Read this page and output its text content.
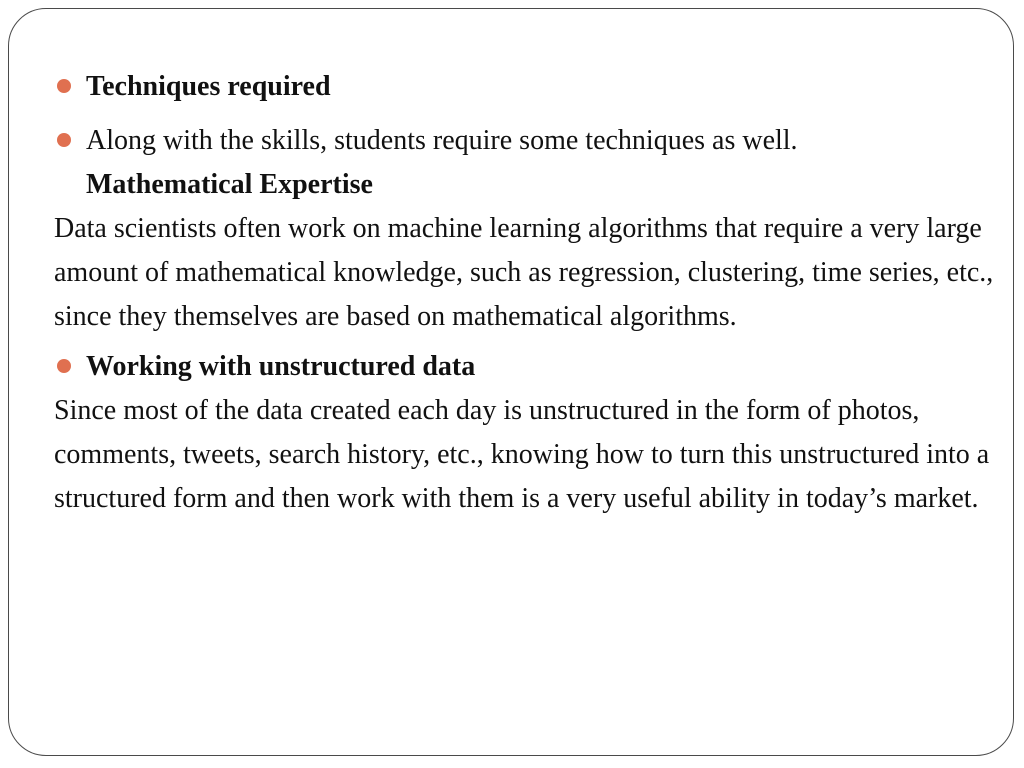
Techniques required
Along with the skills, students require some techniques as well.
Mathematical Expertise

Data scientists often work on machine learning algorithms that require a very large amount of mathematical knowledge, such as regression, clustering, time series, etc., since they themselves are based on mathematical algorithms.

Working with unstructured data

Since most of the data created each day is unstructured in the form of photos, comments, tweets, search history, etc., knowing how to turn this unstructured into a structured form and then work with them is a very useful ability in today’s market.
